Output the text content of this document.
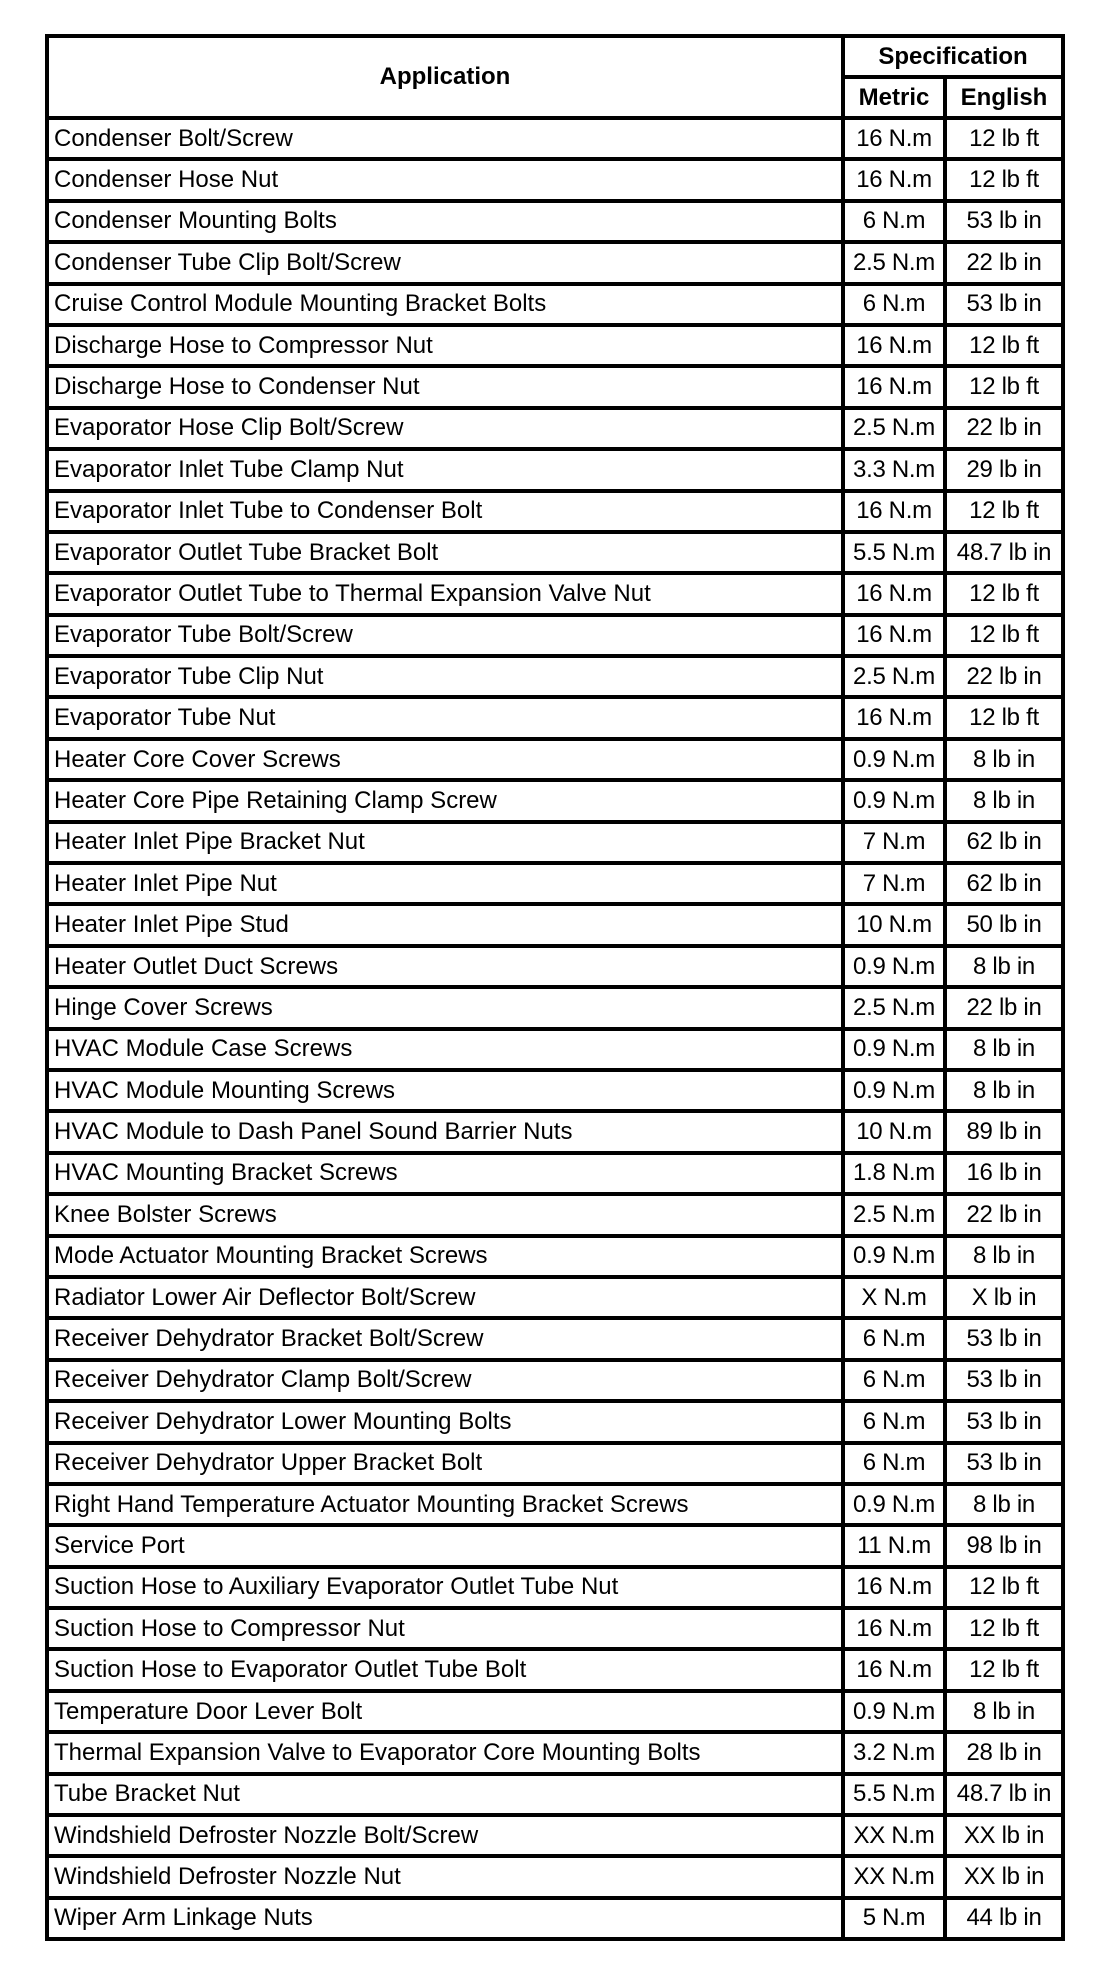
Application	Specification	
	Metric	English
Condenser Bolt/Screw	16 N.m	12 lb ft
Condenser Hose Nut	16 N.m	12 lb ft
Condenser Mounting Bolts	6 N.m	53 lb in
Condenser Tube Clip Bolt/Screw	2.5 N.m	22 lb in
Cruise Control Module Mounting Bracket Bolts	6 N.m	53 lb in
Discharge Hose to Compressor Nut	16 N.m	12 lb ft
Discharge Hose to Condenser Nut	16 N.m	12 lb ft
Evaporator Hose Clip Bolt/Screw	2.5 N.m	22 lb in
Evaporator Inlet Tube Clamp Nut	3.3 N.m	29 lb in
Evaporator Inlet Tube to Condenser Bolt	16 N.m	12 lb ft
Evaporator Outlet Tube Bracket Bolt	5.5 N.m	48.7 lb in
Evaporator Outlet Tube to Thermal Expansion Valve Nut	16 N.m	12 lb ft
Evaporator Tube Bolt/Screw	16 N.m	12 lb ft
Evaporator Tube Clip Nut	2.5 N.m	22 lb in
Evaporator Tube Nut	16 N.m	12 lb ft
Heater Core Cover Screws	0.9 N.m	8 lb in
Heater Core Pipe Retaining Clamp Screw	0.9 N.m	8 lb in
Heater Inlet Pipe Bracket Nut	7 N.m	62 lb in
Heater Inlet Pipe Nut	7 N.m	62 lb in
Heater Inlet Pipe Stud	10 N.m	50 lb in
Heater Outlet Duct Screws	0.9 N.m	8 lb in
Hinge Cover Screws	2.5 N.m	22 lb in
HVAC Module Case Screws	0.9 N.m	8 lb in
HVAC Module Mounting Screws	0.9 N.m	8 lb in
HVAC Module to Dash Panel Sound Barrier Nuts	10 N.m	89 lb in
HVAC Mounting Bracket Screws	1.8 N.m	16 lb in
Knee Bolster Screws	2.5 N.m	22 lb in
Mode Actuator Mounting Bracket Screws	0.9 N.m	8 lb in
Radiator Lower Air Deflector Bolt/Screw	X N.m	X lb in
Receiver Dehydrator Bracket Bolt/Screw	6 N.m	53 lb in
Receiver Dehydrator Clamp Bolt/Screw	6 N.m	53 lb in
Receiver Dehydrator Lower Mounting Bolts	6 N.m	53 lb in
Receiver Dehydrator Upper Bracket Bolt	6 N.m	53 lb in
Right Hand Temperature Actuator Mounting Bracket Screws	0.9 N.m	8 lb in
Service Port	11 N.m	98 lb in
Suction Hose to Auxiliary Evaporator Outlet Tube Nut	16 N.m	12 lb ft
Suction Hose to Compressor Nut	16 N.m	12 lb ft
Suction Hose to Evaporator Outlet Tube Bolt	16 N.m	12 lb ft
Temperature Door Lever Bolt	0.9 N.m	8 lb in
Thermal Expansion Valve to Evaporator Core Mounting Bolts	3.2 N.m	28 lb in
Tube Bracket Nut	5.5 N.m	48.7 lb in
Windshield Defroster Nozzle Bolt/Screw	XX N.m	XX lb in
Windshield Defroster Nozzle Nut	XX N.m	XX lb in
Wiper Arm Linkage Nuts	5 N.m	44 lb in
